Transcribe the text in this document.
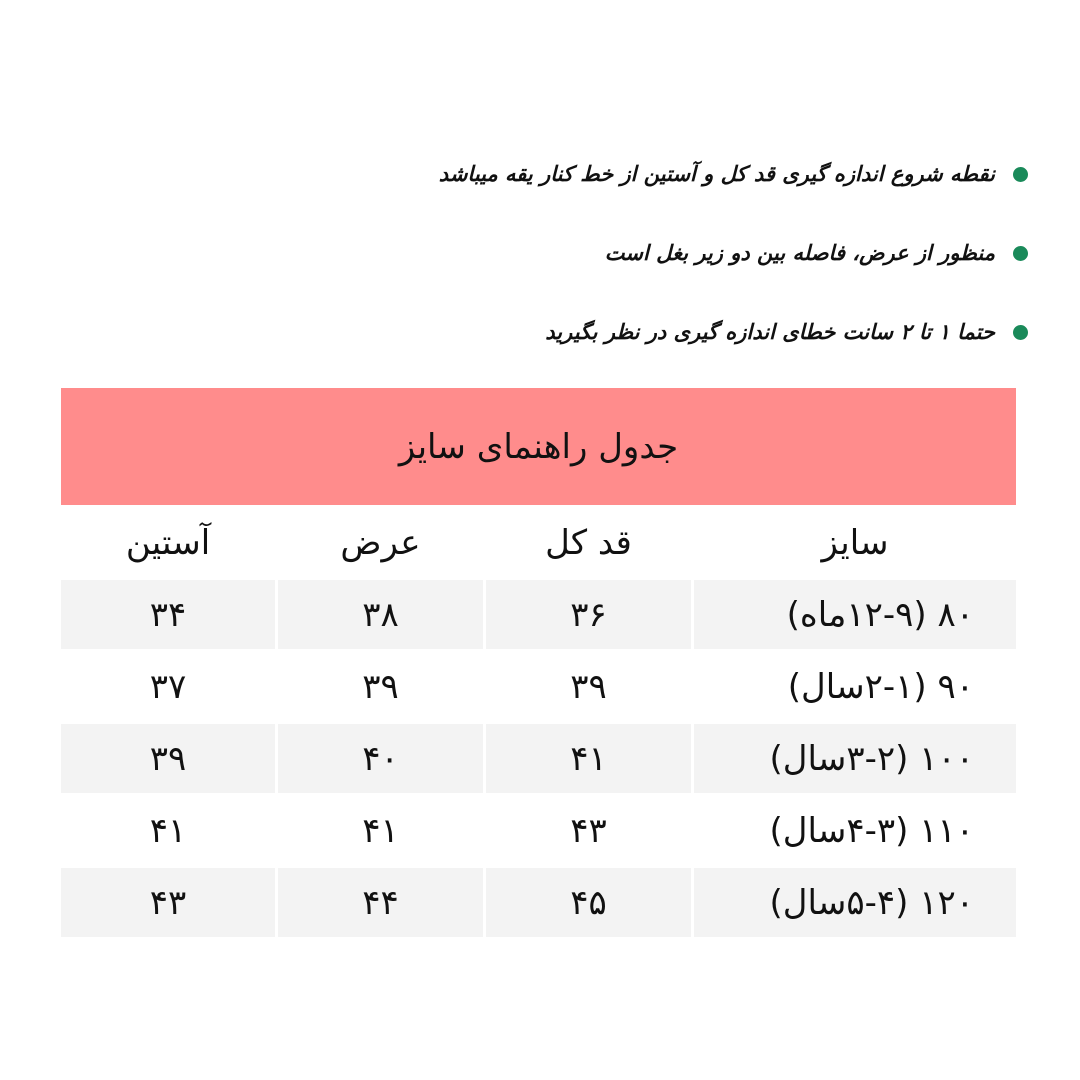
نقطه شروع اندازه گیری قد کل و آستین از خط کنار یقه میباشد
منظور از عرض، فاصله بین دو زیر بغل است
حتما ۱ تا ۲ سانت خطای اندازه گیری در نظر بگیرید
جدول راهنمای سایز
سایز
قد کل
عرض
آستین
۸۰ (۱۲-۹ماه)
۳۶
۳۸
۳۴
۹۰ (۲-۱سال)
۳۹
۳۹
۳۷
۱۰۰ (۳-۲سال)
۴۱
۴۰
۳۹
۱۱۰ (۴-۳سال)
۴۳
۴۱
۴۱
۱۲۰ (۵-۴سال)
۴۵
۴۴
۴۳
